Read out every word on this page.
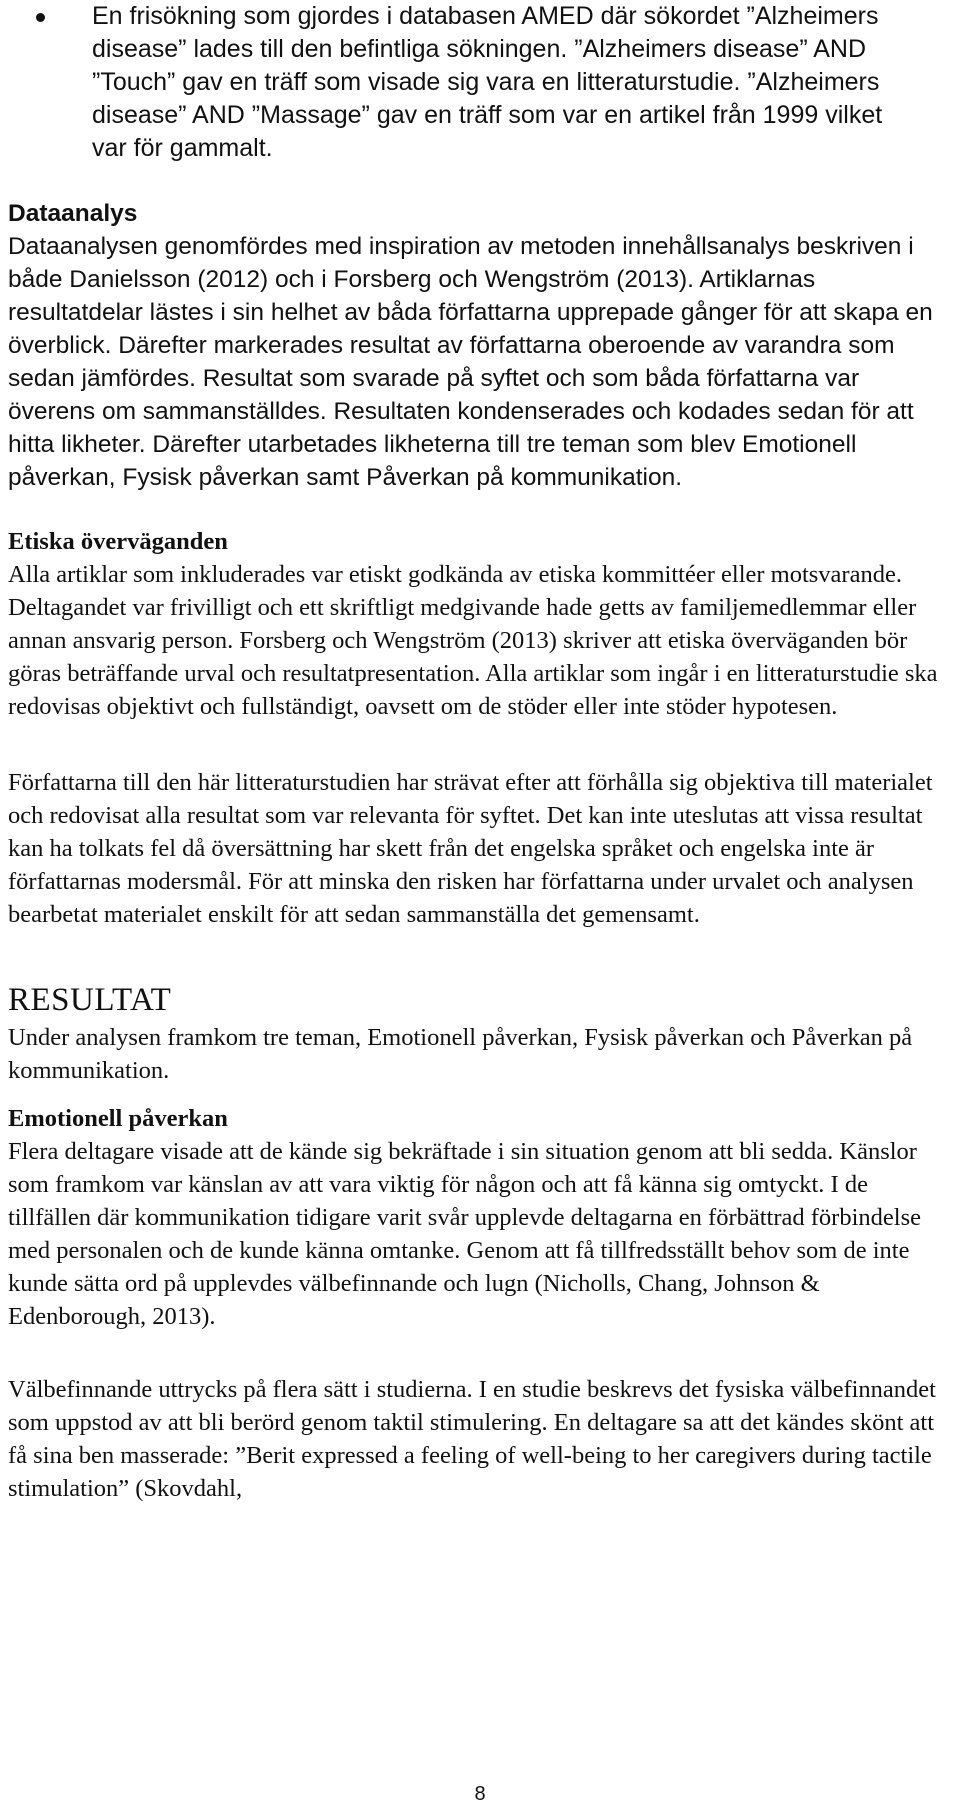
En frisökning som gjordes i databasen AMED där sökordet ”Alzheimers disease” lades till den befintliga sökningen. ”Alzheimers disease” AND ”Touch” gav en träff som visade sig vara en litteraturstudie. ”Alzheimers disease” AND ”Massage” gav en träff som var en artikel från 1999 vilket var för gammalt.

Dataanalys

Dataanalysen genomfördes med inspiration av metoden innehållsanalys beskriven i både Danielsson (2012) och i Forsberg och Wengström (2013). Artiklarnas resultatdelar lästes i sin helhet av båda författarna upprepade gånger för att skapa en överblick. Därefter markerades resultat av författarna oberoende av varandra som sedan jämfördes. Resultat som svarade på syftet och som båda författarna var överens om sammanställdes. Resultaten kondenserades och kodades sedan för att hitta likheter. Därefter utarbetades likheterna till tre teman som blev Emotionell påverkan, Fysisk påverkan samt Påverkan på kommunikation.

Etiska överväganden

Alla artiklar som inkluderades var etiskt godkända av etiska kommittéer eller motsvarande. Deltagandet var frivilligt och ett skriftligt medgivande hade getts av familjemedlemmar eller annan ansvarig person. Forsberg och Wengström (2013) skriver att etiska överväganden bör göras beträffande urval och resultatpresentation. Alla artiklar som ingår i en litteraturstudie ska redovisas objektivt och fullständigt, oavsett om de stöder eller inte stöder hypotesen.

Författarna till den här litteraturstudien har strävat efter att förhålla sig objektiva till materialet och redovisat alla resultat som var relevanta för syftet. Det kan inte uteslutas att vissa resultat kan ha tolkats fel då översättning har skett från det engelska språket och engelska inte är författarnas modersmål. För att minska den risken har författarna under urvalet och analysen bearbetat materialet enskilt för att sedan sammanställa det gemensamt.

RESULTAT

Under analysen framkom tre teman, Emotionell påverkan, Fysisk påverkan och Påverkan på kommunikation.

Emotionell påverkan

Flera deltagare visade att de kände sig bekräftade i sin situation genom att bli sedda. Känslor som framkom var känslan av att vara viktig för någon och att få känna sig omtyckt. I de tillfällen där kommunikation tidigare varit svår upplevde deltagarna en förbättrad förbindelse med personalen och de kunde känna omtanke. Genom att få tillfredsställt behov som de inte kunde sätta ord på upplevdes välbefinnande och lugn (Nicholls, Chang, Johnson & Edenborough, 2013).

Välbefinnande uttrycks på flera sätt i studierna. I en studie beskrevs det fysiska välbefinnandet som uppstod av att bli berörd genom taktil stimulering. En deltagare sa att det kändes skönt att få sina ben masserade: ”Berit expressed a feeling of well-being to her caregivers during tactile stimulation” (Skovdahl,

8
